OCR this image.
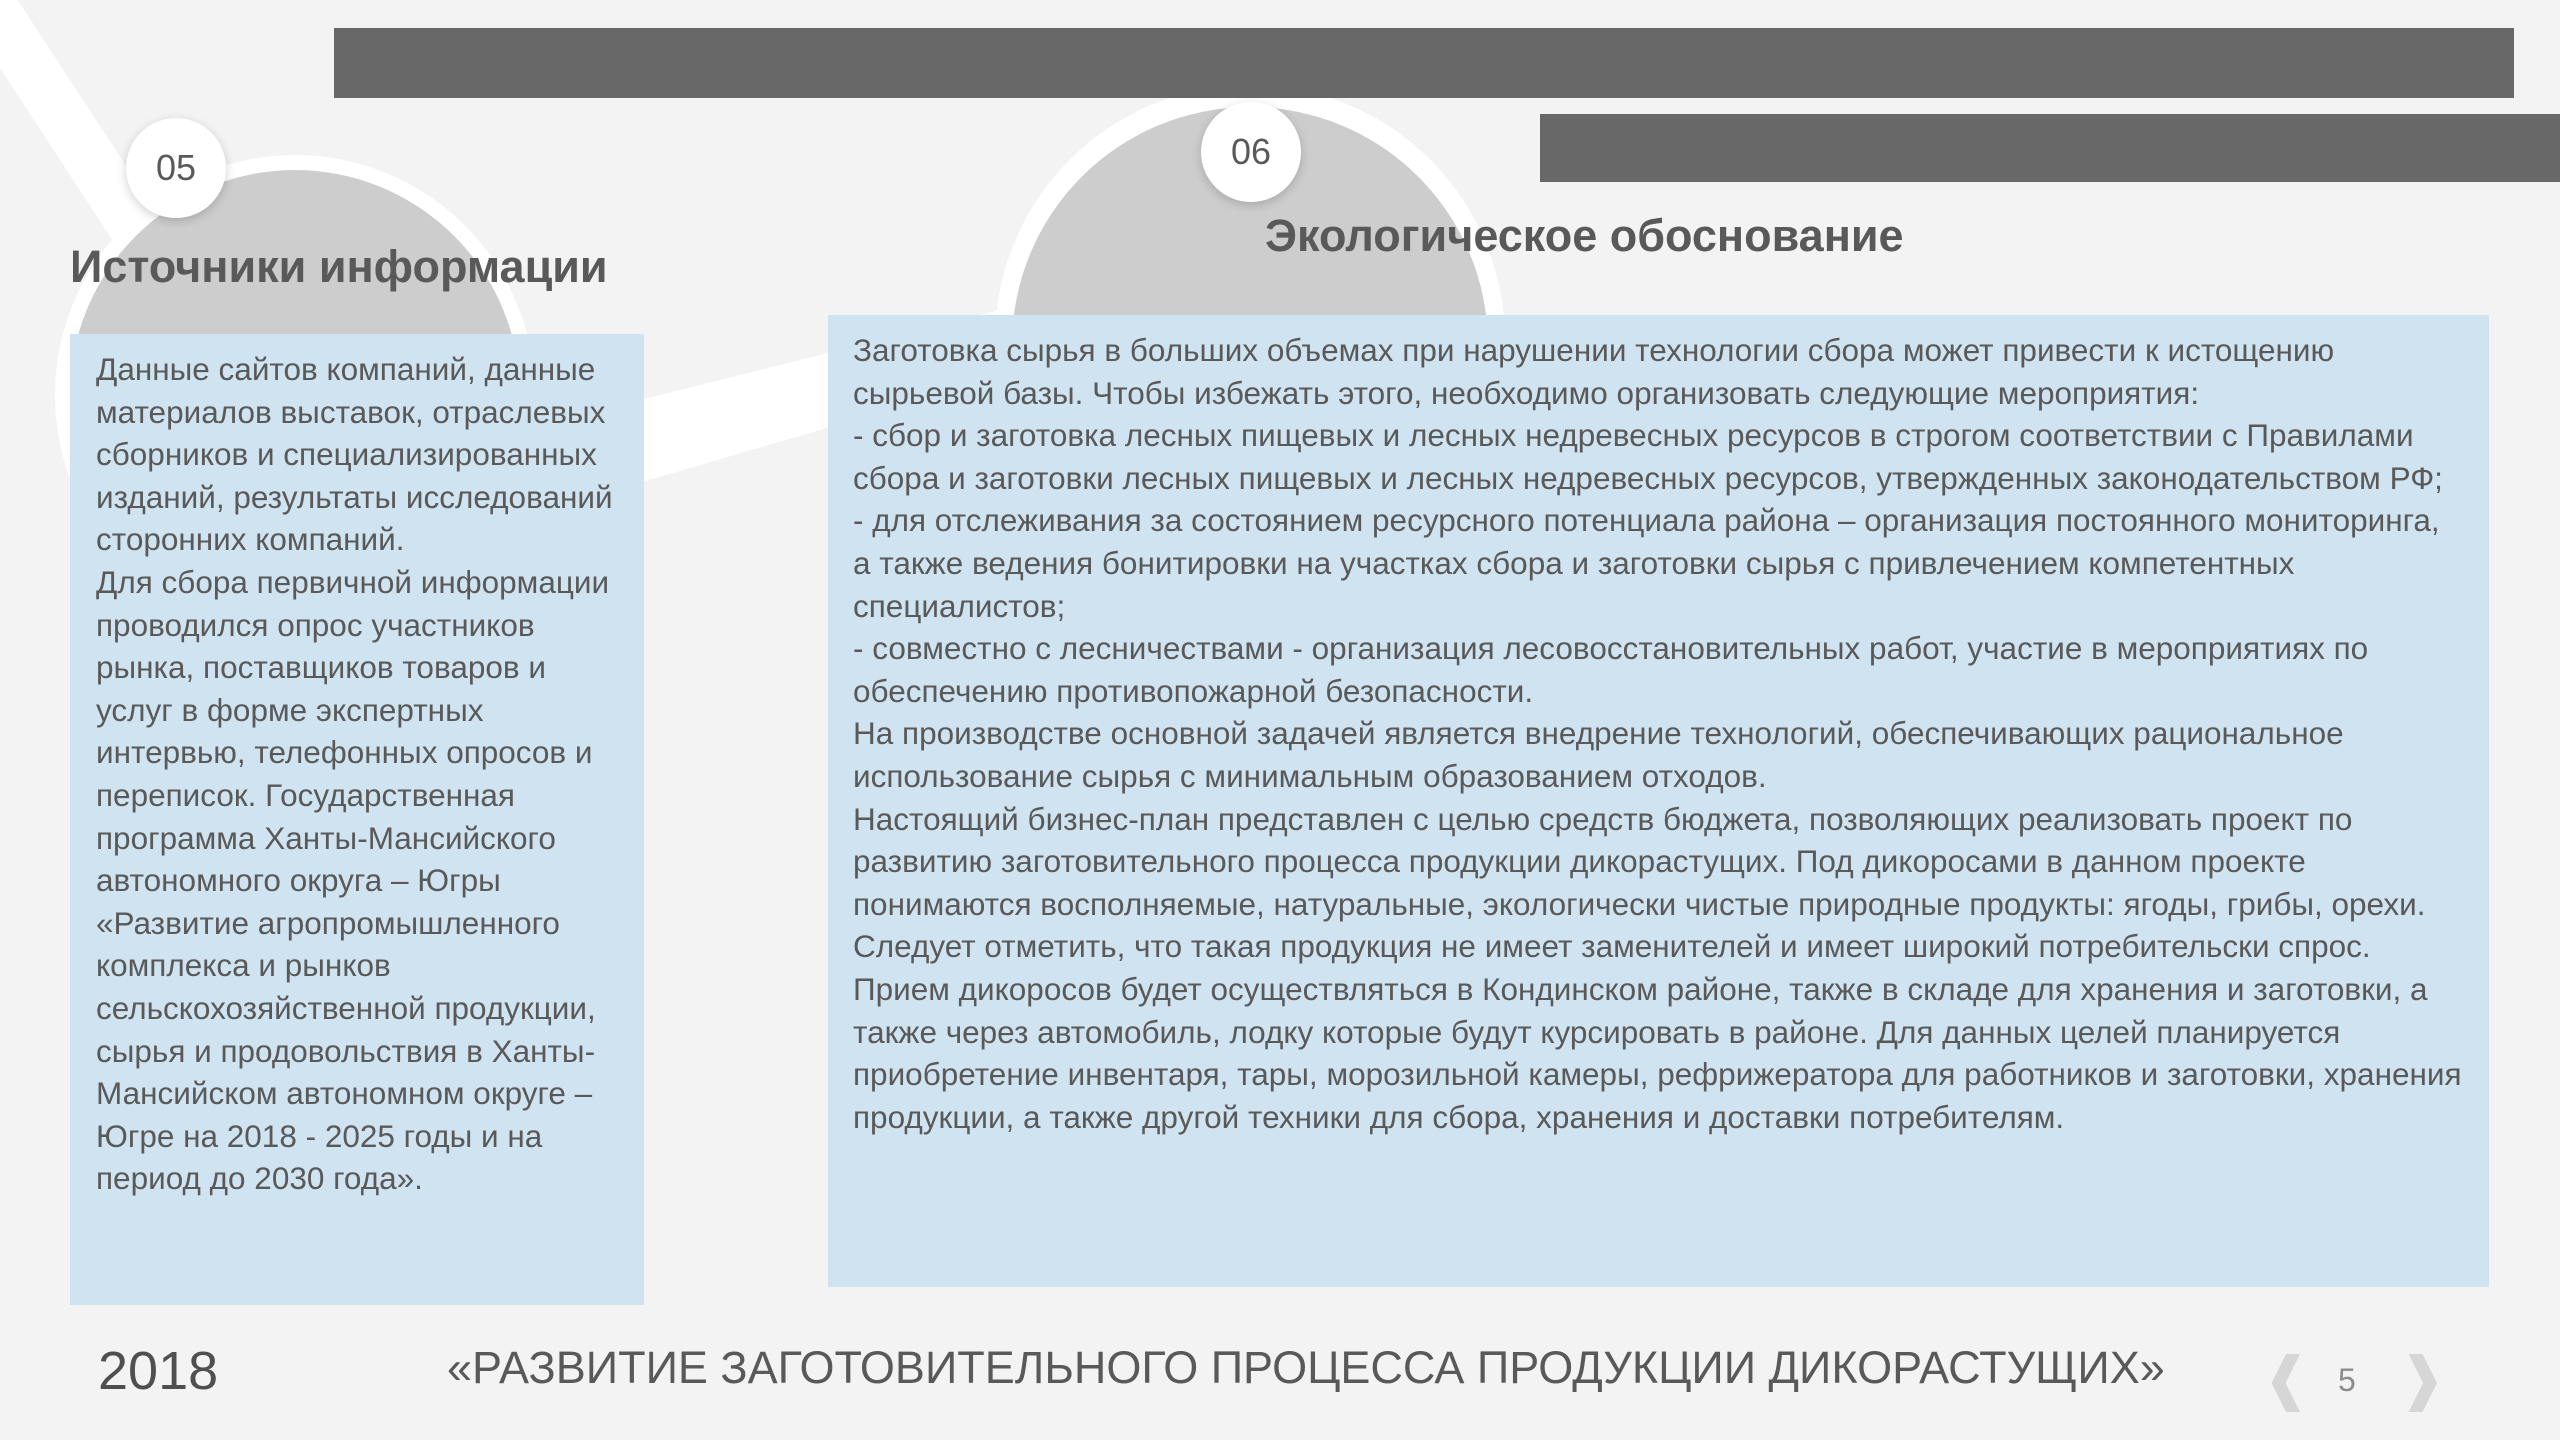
05
Источники информации

Данные сайтов компаний, данные материалов выставок, отраслевых сборников и специализированных изданий, результаты исследований сторонних компаний.
Для сбора первичной информации проводился опрос участников рынка, поставщиков товаров и услуг в форме экспертных интервью, телефонных опросов и переписок. Государственная программа Ханты-Мансийского автономного округа – Югры «Развитие агропромышленного комплекса и рынков сельскохозяйственной продукции, сырья и продовольствия в Ханты-Мансийском автономном округе – Югре на 2018 - 2025 годы и на период до 2030 года».

06
Экологическое обоснование

Заготовка сырья в больших объемах при нарушении технологии сбора может привести к истощению сырьевой базы. Чтобы избежать этого, необходимо организовать следующие мероприятия:
- сбор и заготовка лесных пищевых и лесных недревесных ресурсов в строгом соответствии с Правилами сбора и заготовки лесных пищевых и лесных недревесных ресурсов, утвержденных законодательством РФ;
- для отслеживания за состоянием ресурсного потенциала района – организация постоянного мониторинга, а также ведения бонитировки на участках сбора и заготовки сырья с привлечением компетентных специалистов;
- совместно с лесничествами - организация лесовосстановительных работ, участие в мероприятиях по обеспечению противопожарной безопасности.
На производстве основной задачей является внедрение технологий, обеспечивающих рациональное использование сырья с минимальным образованием отходов.
Настоящий бизнес-план представлен с целью средств бюджета, позволяющих реализовать проект по развитию заготовительного процесса продукции дикорастущих. Под дикоросами в данном проекте понимаются восполняемые, натуральные, экологически чистые природные продукты: ягоды, грибы, орехи. Следует отметить, что такая продукция не имеет заменителей и имеет широкий потребительски спрос.
Прием дикоросов будет осуществляться в Кондинском районе, также в складе для хранения и заготовки, а также через автомобиль, лодку которые будут курсировать в районе. Для данных целей планируется приобретение инвентаря, тары, морозильной камеры, рефрижератора для работников и заготовки, хранения продукции, а также другой техники для сбора, хранения и доставки потребителям.

2018	«РАЗВИТИЕ ЗАГОТОВИТЕЛЬНОГО ПРОЦЕССА ПРОДУКЦИИ ДИКОРАСТУЩИХ» ❰ 5 ❱
